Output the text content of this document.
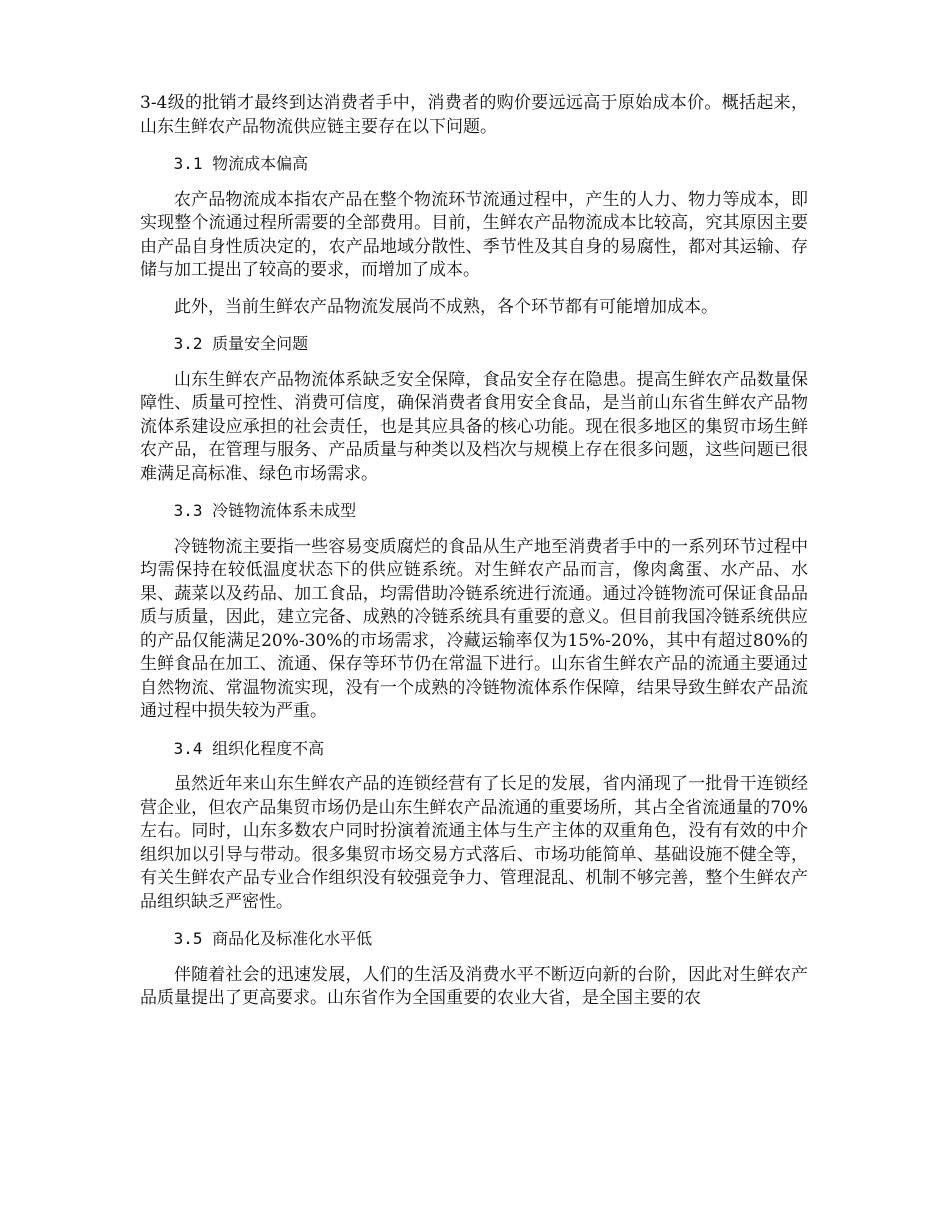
3-4级的批销才最终到达消费者手中，消费者的购价要远远高于原始成本价。概括起来，山东生鲜农产品物流供应链主要存在以下问题。

3.1 物流成本偏高

农产品物流成本指农产品在整个物流环节流通过程中，产生的人力、物力等成本，即实现整个流通过程所需要的全部费用。目前，生鲜农产品物流成本比较高，究其原因主要由产品自身性质决定的，农产品地域分散性、季节性及其自身的易腐性，都对其运输、存储与加工提出了较高的要求，而增加了成本。

此外，当前生鲜农产品物流发展尚不成熟，各个环节都有可能增加成本。

3.2 质量安全问题

山东生鲜农产品物流体系缺乏安全保障，食品安全存在隐患。提高生鲜农产品数量保障性、质量可控性、消费可信度，确保消费者食用安全食品，是当前山东省生鲜农产品物流体系建设应承担的社会责任，也是其应具备的核心功能。现在很多地区的集贸市场生鲜农产品，在管理与服务、产品质量与种类以及档次与规模上存在很多问题，这些问题已很难满足高标准、绿色市场需求。

3.3 冷链物流体系未成型

冷链物流主要指一些容易变质腐烂的食品从生产地至消费者手中的一系列环节过程中均需保持在较低温度状态下的供应链系统。对生鲜农产品而言，像肉禽蛋、水产品、水果、蔬菜以及药品、加工食品，均需借助冷链系统进行流通。通过冷链物流可保证食品品质与质量，因此，建立完备、成熟的冷链系统具有重要的意义。但目前我国冷链系统供应的产品仅能满足20%-30%的市场需求，冷藏运输率仅为15%-20%，其中有超过80%的生鲜食品在加工、流通、保存等环节仍在常温下进行。山东省生鲜农产品的流通主要通过自然物流、常温物流实现，没有一个成熟的冷链物流体系作保障，结果导致生鲜农产品流通过程中损失较为严重。

3.4 组织化程度不高

虽然近年来山东生鲜农产品的连锁经营有了长足的发展，省内涌现了一批骨干连锁经营企业，但农产品集贸市场仍是山东生鲜农产品流通的重要场所，其占全省流通量的70%左右。同时，山东多数农户同时扮演着流通主体与生产主体的双重角色，没有有效的中介组织加以引导与带动。很多集贸市场交易方式落后、市场功能简单、基础设施不健全等，有关生鲜农产品专业合作组织没有较强竞争力、管理混乱、机制不够完善，整个生鲜农产品组织缺乏严密性。

3.5 商品化及标准化水平低

伴随着社会的迅速发展，人们的生活及消费水平不断迈向新的台阶，因此对生鲜农产品质量提出了更高要求。山东省作为全国重要的农业大省，是全国主要的农
